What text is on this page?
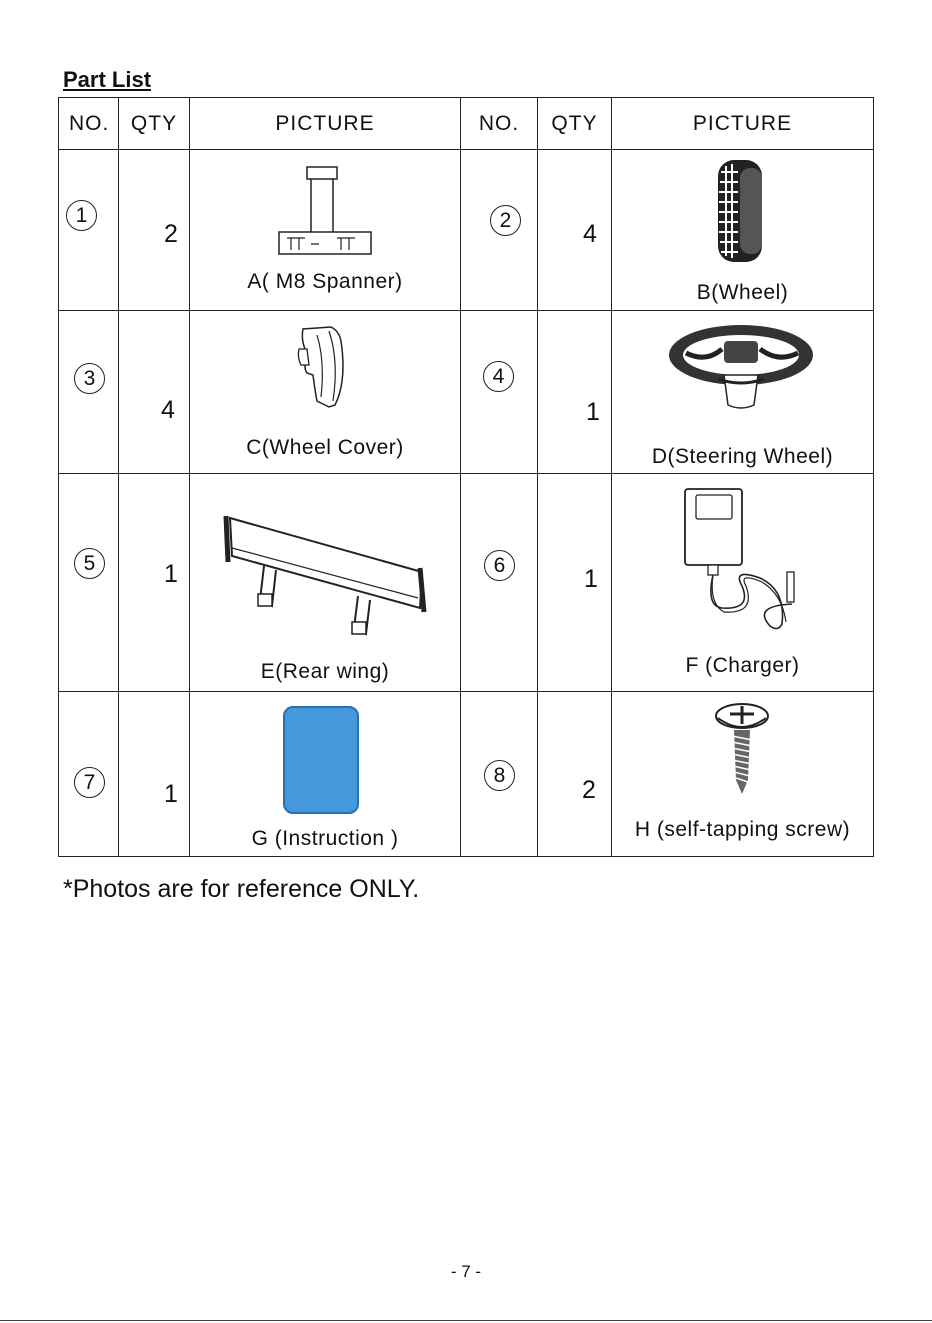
Part List
NO.	QTY	PICTURE	NO.	QTY	PICTURE

1	2	A( M8 Spanner)	2	4	B(Wheel)

3	4	C(Wheel Cover)	4	1	D(Steering Wheel)

5	1	E(Rear wing)	6	1	F (Charger)

7	1	G (Instruction )	8	2	H (self-tapping screw)
*Photos are for reference ONLY.
- 7 -
